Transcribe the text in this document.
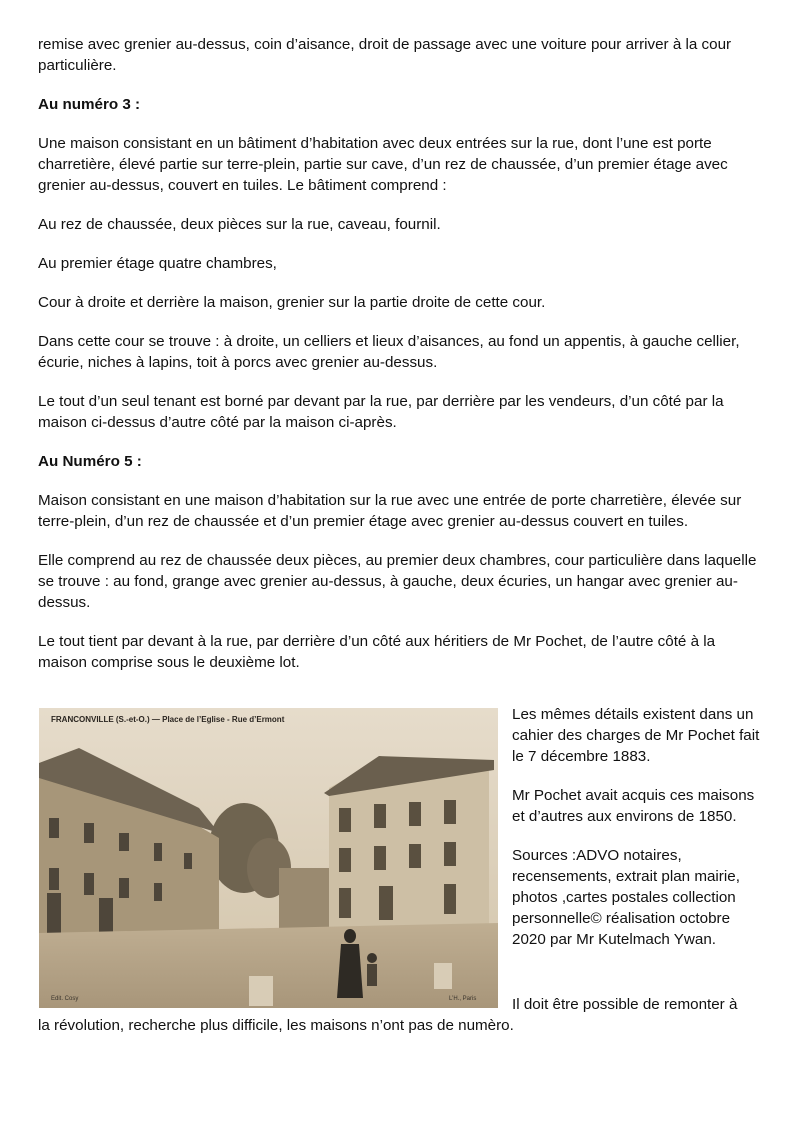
remise avec grenier au-dessus, coin d’aisance, droit de passage avec une voiture pour arriver à la cour particulière.

Au numéro 3 :

Une maison consistant en un bâtiment d’habitation avec deux entrées sur la rue, dont l’une est porte charretière, élevé partie sur terre-plein, partie sur cave, d’un rez de chaussée, d’un premier étage avec grenier au-dessus, couvert en tuiles. Le bâtiment comprend :

Au rez de chaussée, deux pièces sur la rue, caveau, fournil.

Au premier étage quatre chambres,

Cour à droite et derrière la maison, grenier sur la partie droite de cette cour.

Dans cette cour se trouve : à droite, un celliers et lieux d’aisances, au fond un appentis, à gauche cellier, écurie, niches à lapins, toit à porcs avec grenier au-dessus.

Le tout d’un seul tenant est borné par devant par la rue, par derrière par les vendeurs, d’un côté par la maison ci-dessus d’autre côté par la maison ci-après.

Au Numéro 5 :

Maison consistant en une maison d’habitation sur la rue avec une entrée de porte charretière, élevée sur terre-plein, d’un rez de chaussée et d’un premier étage avec grenier au-dessus couvert en tuiles.

Elle comprend au rez de chaussée deux pièces, au premier deux chambres, cour particulière dans laquelle se trouve : au fond, grange avec grenier au-dessus, à gauche, deux écuries, un hangar avec grenier au-dessus.

Le tout tient par devant à la rue, par derrière d’un côté aux héritiers de Mr Pochet, de l’autre côté à la maison comprise sous le deuxième lot.

FRANCONVILLE (S.-et-O.) — Place de l’Eglise - Rue d’Ermont
Edit. Cosy	L’H., Paris

Les mêmes détails existent dans un cahier des charges de Mr Pochet fait le 7 décembre 1883.

Mr Pochet avait acquis ces maisons et d’autres aux environs de 1850.

Sources :ADVO notaires, recensements, extrait plan mairie, photos ,cartes postales collection personnelle© réalisation octobre 2020 par Mr Kutelmach Ywan.

Il doit être possible de remonter à
la révolution, recherche plus difficile, les maisons n’ont pas de numèro.
